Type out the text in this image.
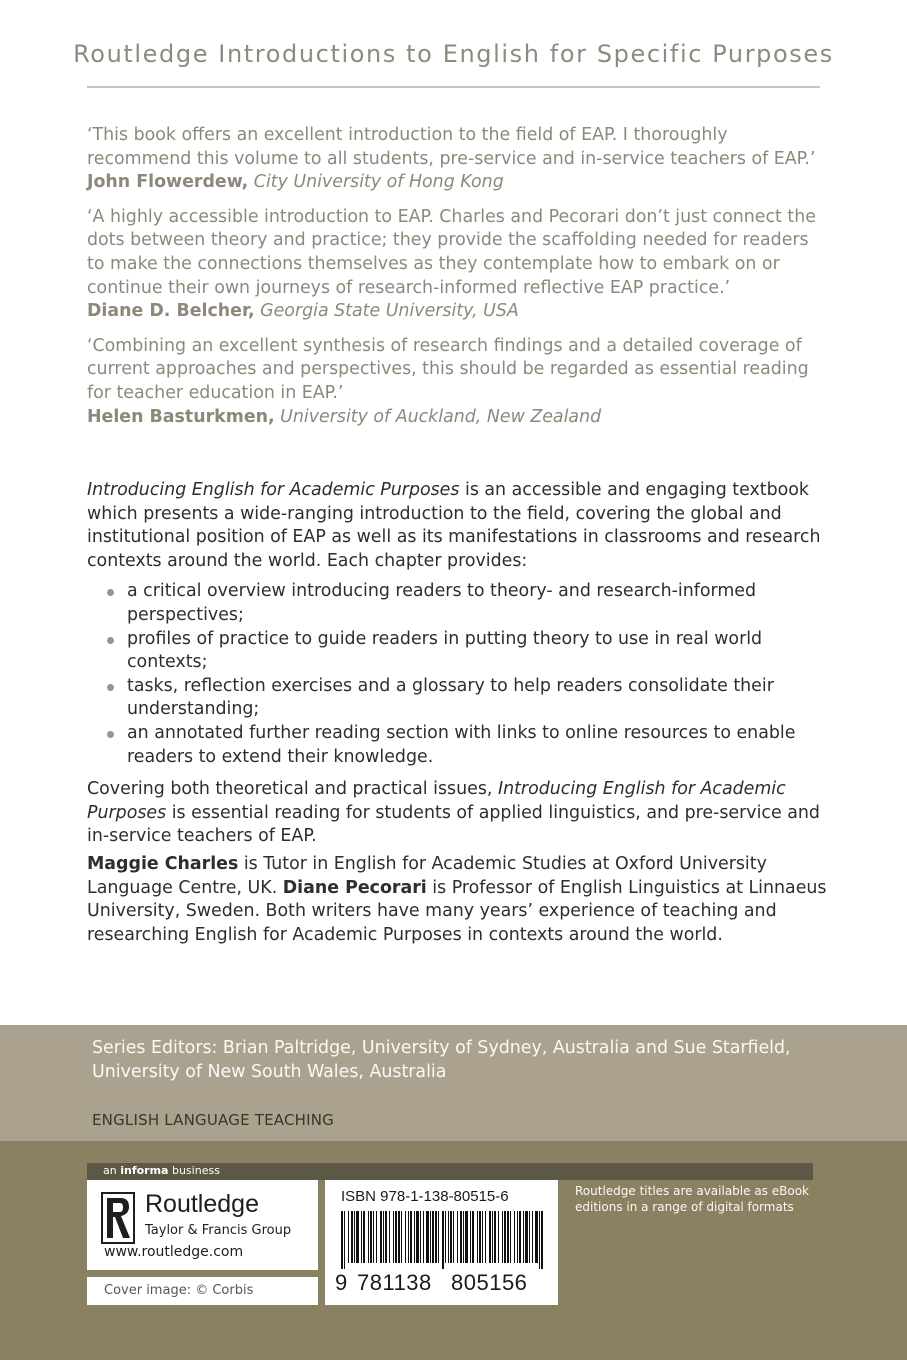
Routledge Introductions to English for Specific Purposes

‘This book offers an excellent introduction to the field of EAP. I thoroughly recommend this volume to all students, pre-service and in-service teachers of EAP.’

John Flowerdew, City University of Hong Kong

‘A highly accessible introduction to EAP. Charles and Pecorari don’t just connect the dots between theory and practice; they provide the scaffolding needed for readers to make the connections themselves as they contemplate how to embark on or continue their own journeys of research-informed reflective EAP practice.’

Diane D. Belcher, Georgia State University, USA

‘Combining an excellent synthesis of research findings and a detailed coverage of current approaches and perspectives, this should be regarded as essential reading for teacher education in EAP.’

Helen Basturkmen, University of Auckland, New Zealand

Introducing English for Academic Purposes is an accessible and engaging textbook which presents a wide-ranging introduction to the field, covering the global and institutional position of EAP as well as its manifestations in classrooms and research contexts around the world. Each chapter provides:

a critical overview introducing readers to theory- and research-informed perspectives;
profiles of practice to guide readers in putting theory to use in real world contexts;
tasks, reflection exercises and a glossary to help readers consolidate their understanding;
an annotated further reading section with links to online resources to enable readers to extend their knowledge.

Covering both theoretical and practical issues, Introducing English for Academic Purposes is essential reading for students of applied linguistics, and pre-service and in-service teachers of EAP.

Maggie Charles is Tutor in English for Academic Studies at Oxford University Language Centre, UK. Diane Pecorari is Professor of English Linguistics at Linnaeus University, Sweden. Both writers have many years’ experience of teaching and researching English for Academic Purposes in contexts around the world.

Series Editors: Brian Paltridge, University of Sydney, Australia and Sue Starfield, University of New South Wales, Australia
ENGLISH LANGUAGE TEACHING
an informa business
Routledge
Taylor & Francis Group
www.routledge.com
Cover image: © Corbis
ISBN 978-1-138-80515-6
9 781138 805156
Routledge titles are available as eBook editions in a range of digital formats
